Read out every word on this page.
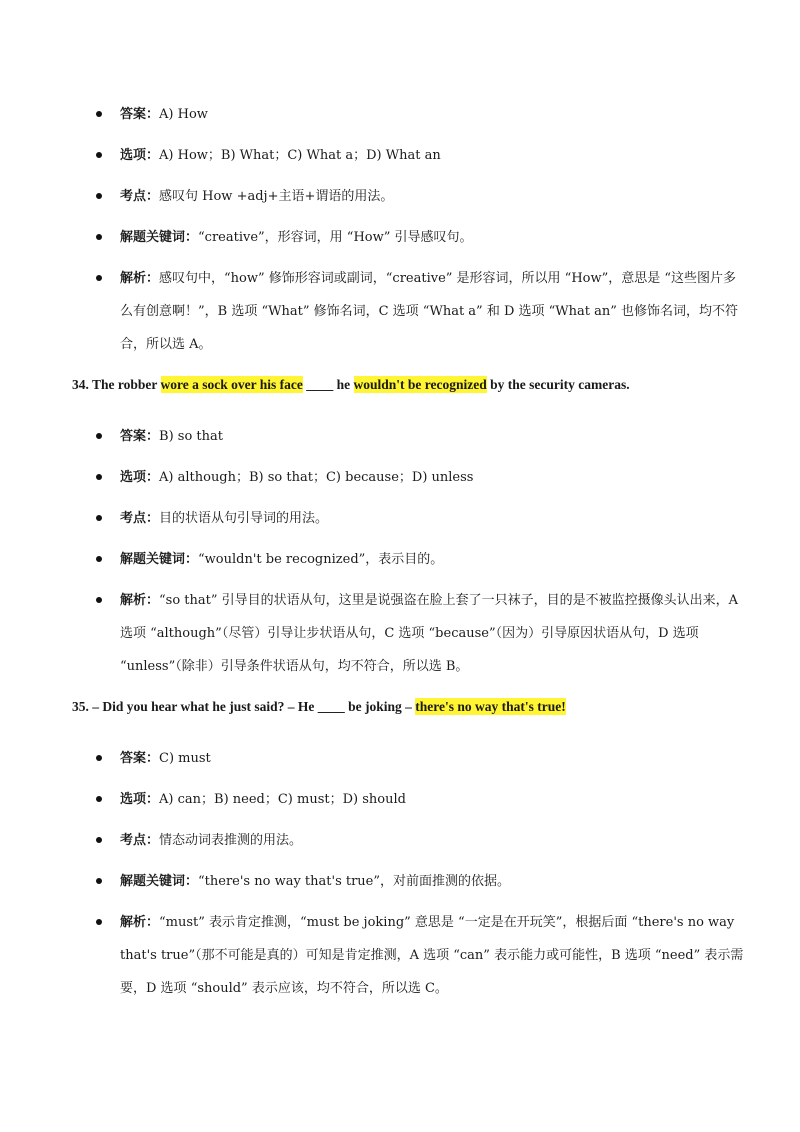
答案：A) How
选项：A) How；B) What；C) What a；D) What an
考点：感叹句 How +adj+主语+谓语的用法。
解题关键词：“creative”，形容词，用 “How” 引导感叹句。
解析：感叹句中，“how” 修饰形容词或副词，“creative” 是形容词，所以用 “How”，意思是 “这些图片多么有创意啊！”，B 选项 “What” 修饰名词，C 选项 “What a” 和 D 选项 “What an” 也修饰名词，均不符合，所以选 A。
34. The robber wore a sock over his face ____ he wouldn't be recognized by the security cameras.
答案：B) so that
选项：A) although；B) so that；C) because；D) unless
考点：目的状语从句引导词的用法。
解题关键词：“wouldn't be recognized”，表示目的。
解析：“so that” 引导目的状语从句，这里是说强盗在脸上套了一只袜子，目的是不被监控摄像头认出来，A 选项 “although”（尽管）引导让步状语从句，C 选项 “because”（因为）引导原因状语从句，D 选项 “unless”（除非）引导条件状语从句，均不符合，所以选 B。
35. – Did you hear what he just said? – He ____ be joking – there's no way that's true!
答案：C) must
选项：A) can；B) need；C) must；D) should
考点：情态动词表推测的用法。
解题关键词：“there's no way that's true”，对前面推测的依据。
解析：“must” 表示肯定推测，“must be joking” 意思是 “一定是在开玩笑”，根据后面 “there's no way that's true”（那不可能是真的）可知是肯定推测，A 选项 “can” 表示能力或可能性，B 选项 “need” 表示需要，D 选项 “should” 表示应该，均不符合，所以选 C。
